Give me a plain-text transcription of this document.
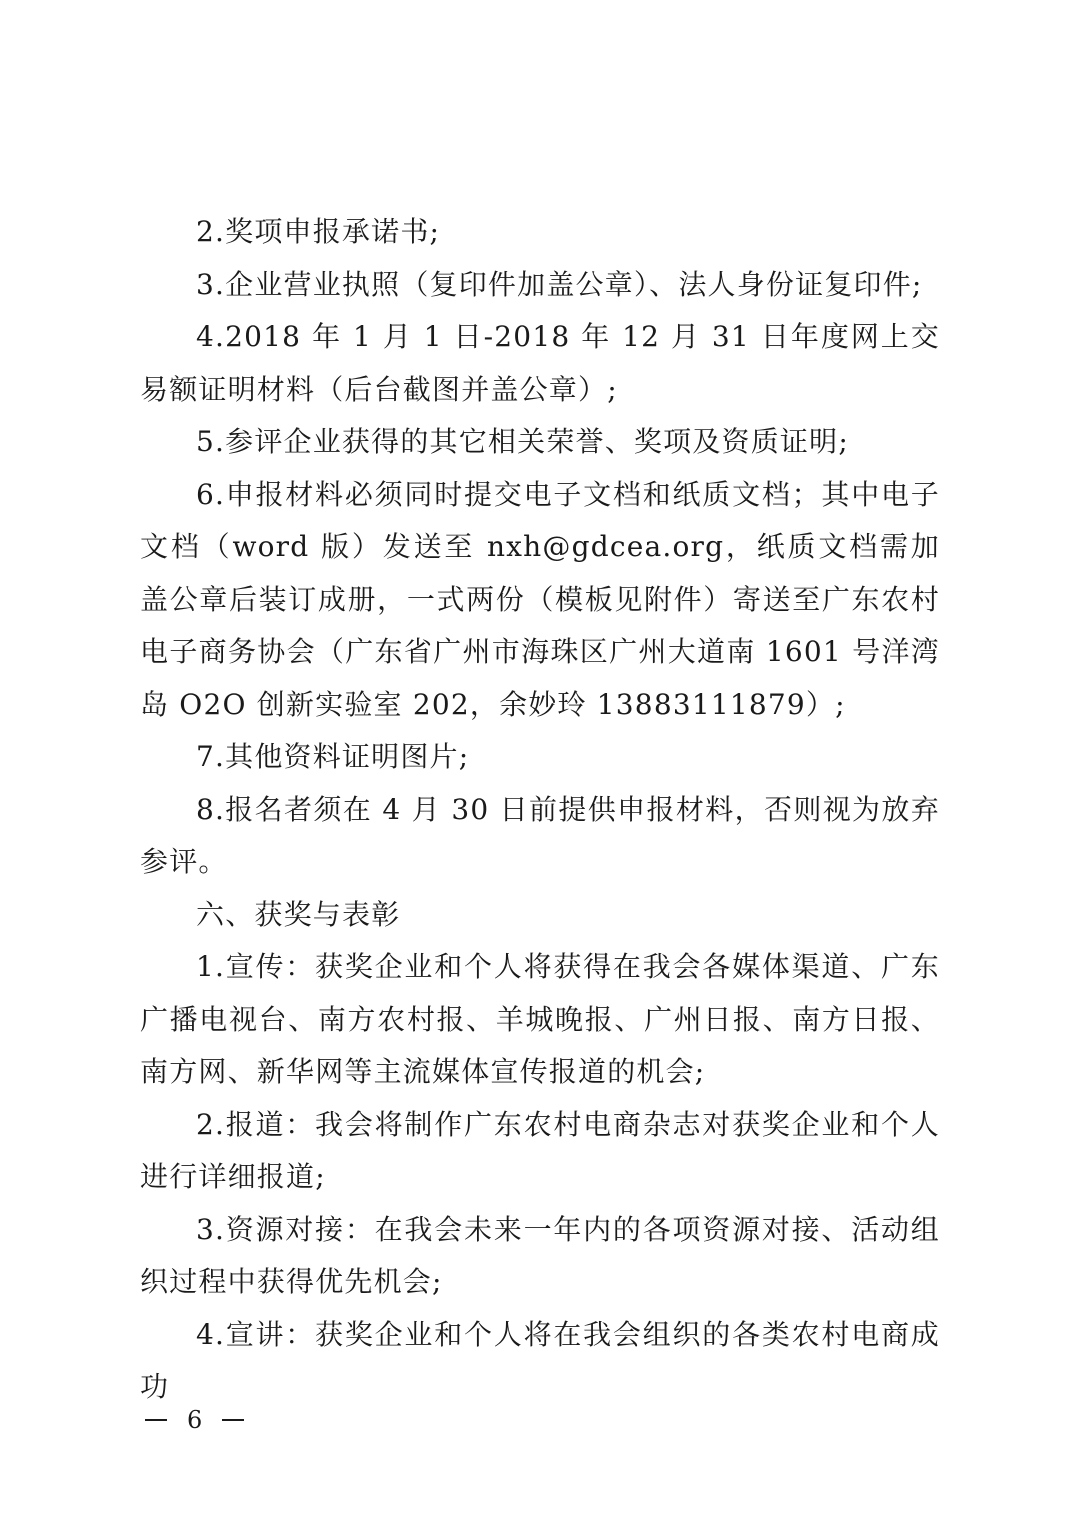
2.奖项申报承诺书;

3.企业营业执照（复印件加盖公章）、法人身份证复印件;

4.2018 年 1 月 1 日-2018 年 12 月 31 日年度网上交易额证明材料（后台截图并盖公章）;

5.参评企业获得的其它相关荣誉、奖项及资质证明;

6.申报材料必须同时提交电子文档和纸质文档；其中电子文档（word 版）发送至 nxh@gdcea.org，纸质文档需加盖公章后装订成册，一式两份（模板见附件）寄送至广东农村电子商务协会（广东省广州市海珠区广州大道南 1601 号洋湾岛 O2O 创新实验室 202，余妙玲 13883111879）;

7.其他资料证明图片;

8.报名者须在 4 月 30 日前提供申报材料，否则视为放弃参评。

六、获奖与表彰

1.宣传：获奖企业和个人将获得在我会各媒体渠道、广东广播电视台、南方农村报、羊城晚报、广州日报、南方日报、南方网、新华网等主流媒体宣传报道的机会;

2.报道：我会将制作广东农村电商杂志对获奖企业和个人进行详细报道;

3.资源对接：在我会未来一年内的各项资源对接、活动组织过程中获得优先机会;

4.宣讲：获奖企业和个人将在我会组织的各类农村电商成功

6
